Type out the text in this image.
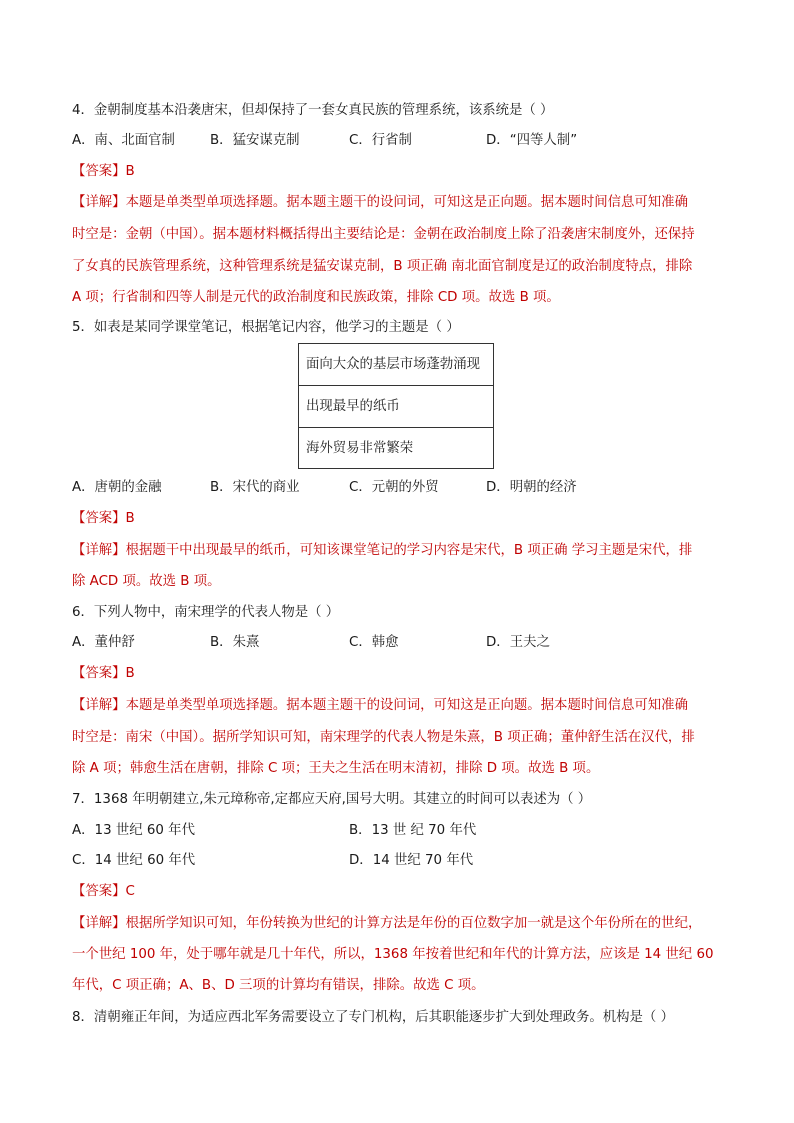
4．金朝制度基本沿袭唐宋，但却保持了一套女真民族的管理系统，该系统是（ ）
A．南、北面官制	B．猛安谋克制	C．行省制	D．“四等人制”
【答案】B
【详解】本题是单类型单项选择题。据本题主题干的设问词，可知这是正向题。据本题时间信息可知准确
时空是：金朝（中国）。据本题材料概括得出主要结论是：金朝在政治制度上除了沿袭唐宋制度外，还保持
了女真的民族管理系统，这种管理系统是猛安谋克制，B 项正确 南北面官制度是辽的政治制度特点，排除
A 项；行省制和四等人制是元代的政治制度和民族政策，排除 CD 项。故选 B 项。
5．如表是某同学课堂笔记，根据笔记内容，他学习的主题是（ ）
面向大众的基层市场蓬勃涌现
出现最早的纸币
海外贸易非常繁荣
A．唐朝的金融	B．宋代的商业	C．元朝的外贸	D．明朝的经济
【答案】B
【详解】根据题干中出现最早的纸币，可知该课堂笔记的学习内容是宋代，B 项正确 学习主题是宋代，排
除 ACD 项。故选 B 项。
6．下列人物中，南宋理学的代表人物是（ ）
A．董仲舒	B．朱熹	C．韩愈	D．王夫之
【答案】B
【详解】本题是单类型单项选择题。据本题主题干的设问词，可知这是正向题。据本题时间信息可知准确
时空是：南宋（中国）。据所学知识可知，南宋理学的代表人物是朱熹，B 项正确；董仲舒生活在汉代，排
除 A 项；韩愈生活在唐朝，排除 C 项；王夫之生活在明末清初，排除 D 项。故选 B 项。
7．1368 年明朝建立,朱元璋称帝,定都应天府,国号大明。其建立的时间可以表述为（ ）
A．13 世纪 60 年代	B．13 世 纪 70 年代
C．14 世纪 60 年代	D．14 世纪 70 年代
【答案】C
【详解】根据所学知识可知，年份转换为世纪的计算方法是年份的百位数字加一就是这个年份所在的世纪，
一个世纪 100 年，处于哪年就是几十年代，所以，1368 年按着世纪和年代的计算方法，应该是 14 世纪 60
年代，C 项正确；A、B、D 三项的计算均有错误，排除。故选 C 项。
8．清朝雍正年间，为适应西北军务需要设立了专门机构，后其职能逐步扩大到处理政务。机构是（ ）
